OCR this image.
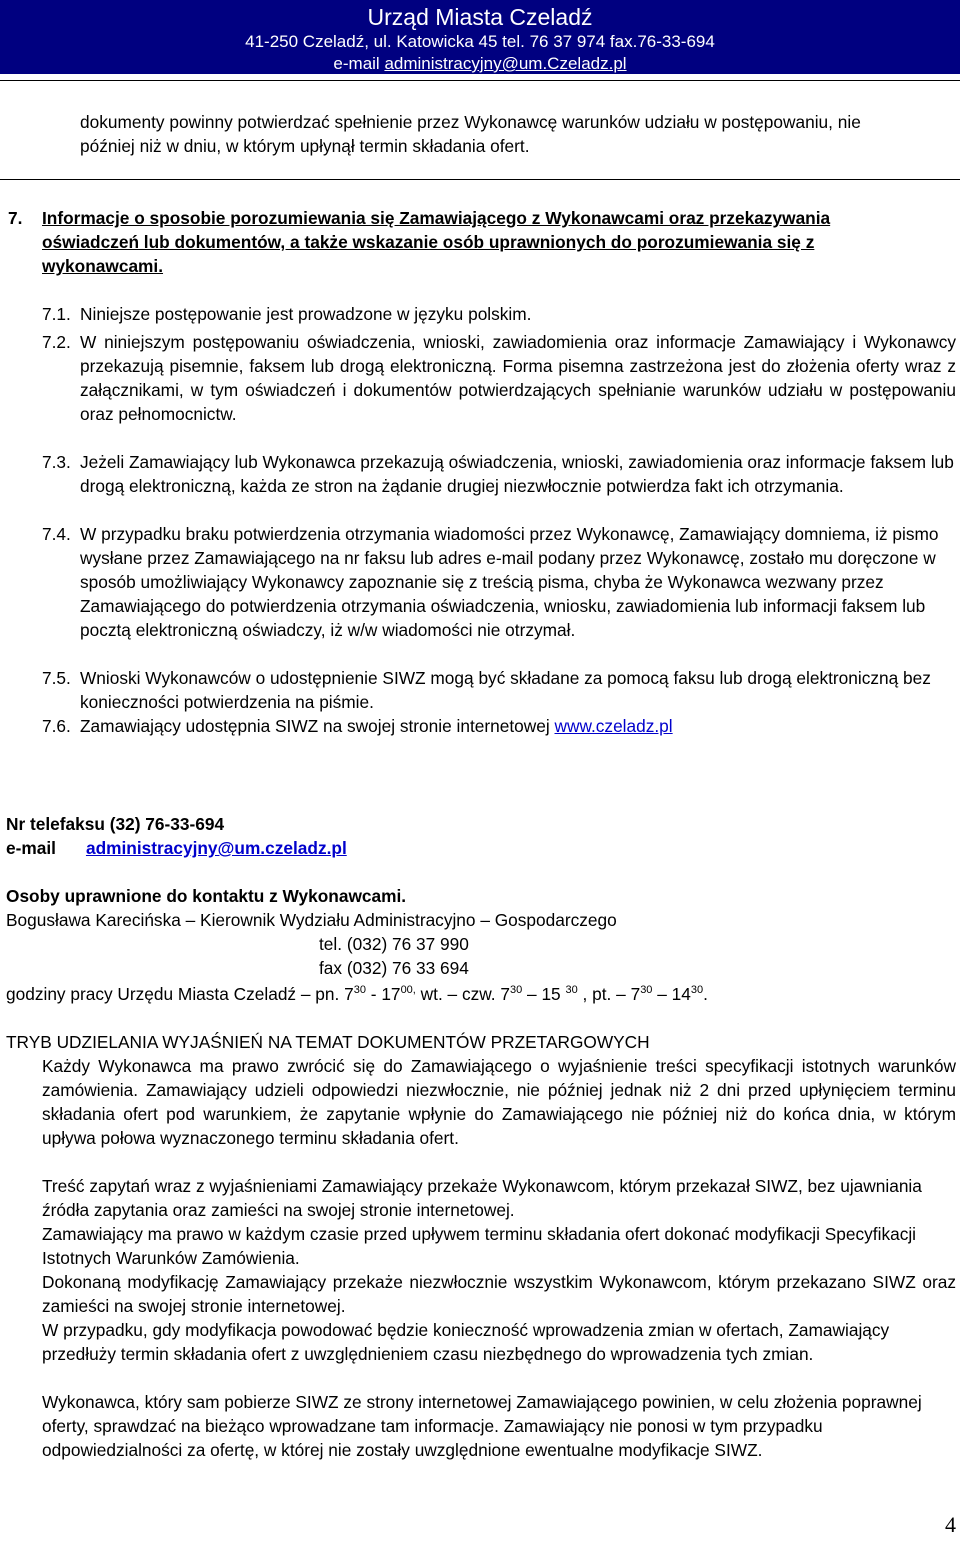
Urząd Miasta Czeladź
41-250 Czeladź, ul. Katowicka 45 tel. 76 37 974 fax.76-33-694
e-mail administracyjny@um.Czeladz.pl

dokumenty powinny potwierdzać spełnienie przez Wykonawcę warunków udziału w postępowaniu, nie później niż w dniu, w którym upłynął termin składania ofert.

7. Informacje o sposobie porozumiewania się Zamawiającego z Wykonawcami oraz przekazywania oświadczeń lub dokumentów, a także wskazanie osób uprawnionych do porozumiewania się z wykonawcami.

7.1. Niniejsze postępowanie jest prowadzone w języku polskim.

7.2. W niniejszym postępowaniu oświadczenia, wnioski, zawiadomienia oraz informacje Zamawiający i Wykonawcy przekazują pisemnie, faksem lub drogą elektroniczną. Forma pisemna zastrzeżona jest do złożenia oferty wraz z załącznikami, w tym oświadczeń i dokumentów potwierdzających spełnianie warunków udziału w postępowaniu oraz pełnomocnictw.

7.3. Jeżeli Zamawiający lub Wykonawca przekazują oświadczenia, wnioski, zawiadomienia oraz informacje faksem lub drogą elektroniczną, każda ze stron na żądanie drugiej niezwłocznie potwierdza fakt ich otrzymania.

7.4. W przypadku braku potwierdzenia otrzymania wiadomości przez Wykonawcę, Zamawiający domniema, iż pismo wysłane przez Zamawiającego na nr faksu lub adres e-mail podany przez Wykonawcę, zostało mu doręczone w sposób umożliwiający Wykonawcy zapoznanie się z treścią pisma, chyba że Wykonawca wezwany przez Zamawiającego do potwierdzenia otrzymania oświadczenia, wniosku, zawiadomienia lub informacji faksem lub pocztą elektroniczną oświadczy, iż w/w wiadomości nie otrzymał.

7.5. Wnioski Wykonawców o udostępnienie SIWZ mogą być składane za pomocą faksu lub drogą elektroniczną bez konieczności potwierdzenia na piśmie.

7.6. Zamawiający udostępnia SIWZ na swojej stronie internetowej www.czeladz.pl

Nr telefaksu (32) 76-33-694

e-mail administracyjny@um.czeladz.pl

Osoby uprawnione do kontaktu z Wykonawcami.

Bogusława Karecińska – Kierownik Wydziału Administracyjno – Gospodarczego

tel. (032) 76 37 990

fax (032) 76 33 694

godziny pracy Urzędu Miasta Czeladź – pn. $7^{30} - 17^{00,}$ wt. – czw. $7^{30} - 15$ $^{30}$ , pt. – $7^{30} - 14^{30}$.

TRYB UDZIELANIA WYJAŚNIEŃ NA TEMAT DOKUMENTÓW PRZETARGOWYCH

Każdy Wykonawca ma prawo zwrócić się do Zamawiającego o wyjaśnienie treści specyfikacji istotnych warunków zamówienia. Zamawiający udzieli odpowiedzi niezwłocznie, nie później jednak niż 2 dni przed upłynięciem terminu składania ofert pod warunkiem, że zapytanie wpłynie do Zamawiającego nie później niż do końca dnia, w którym upływa połowa wyznaczonego terminu składania ofert.

Treść zapytań wraz z wyjaśnieniami Zamawiający przekaże Wykonawcom, którym przekazał SIWZ, bez ujawniania źródła zapytania oraz zamieści na swojej stronie internetowej.

Zamawiający ma prawo w każdym czasie przed upływem terminu składania ofert dokonać modyfikacji Specyfikacji Istotnych Warunków Zamówienia.

Dokonaną modyfikację Zamawiający przekaże niezwłocznie wszystkim Wykonawcom, którym przekazano SIWZ oraz zamieści na swojej stronie internetowej.

W przypadku, gdy modyfikacja powodować będzie konieczność wprowadzenia zmian w ofertach, Zamawiający przedłuży termin składania ofert z uwzględnieniem czasu niezbędnego do wprowadzenia tych zmian.

Wykonawca, który sam pobierze SIWZ ze strony internetowej Zamawiającego powinien, w celu złożenia poprawnej oferty, sprawdzać na bieżąco wprowadzane tam informacje. Zamawiający nie ponosi w tym przypadku odpowiedzialności za ofertę, w której nie zostały uwzględnione ewentualne modyfikacje SIWZ.

4
